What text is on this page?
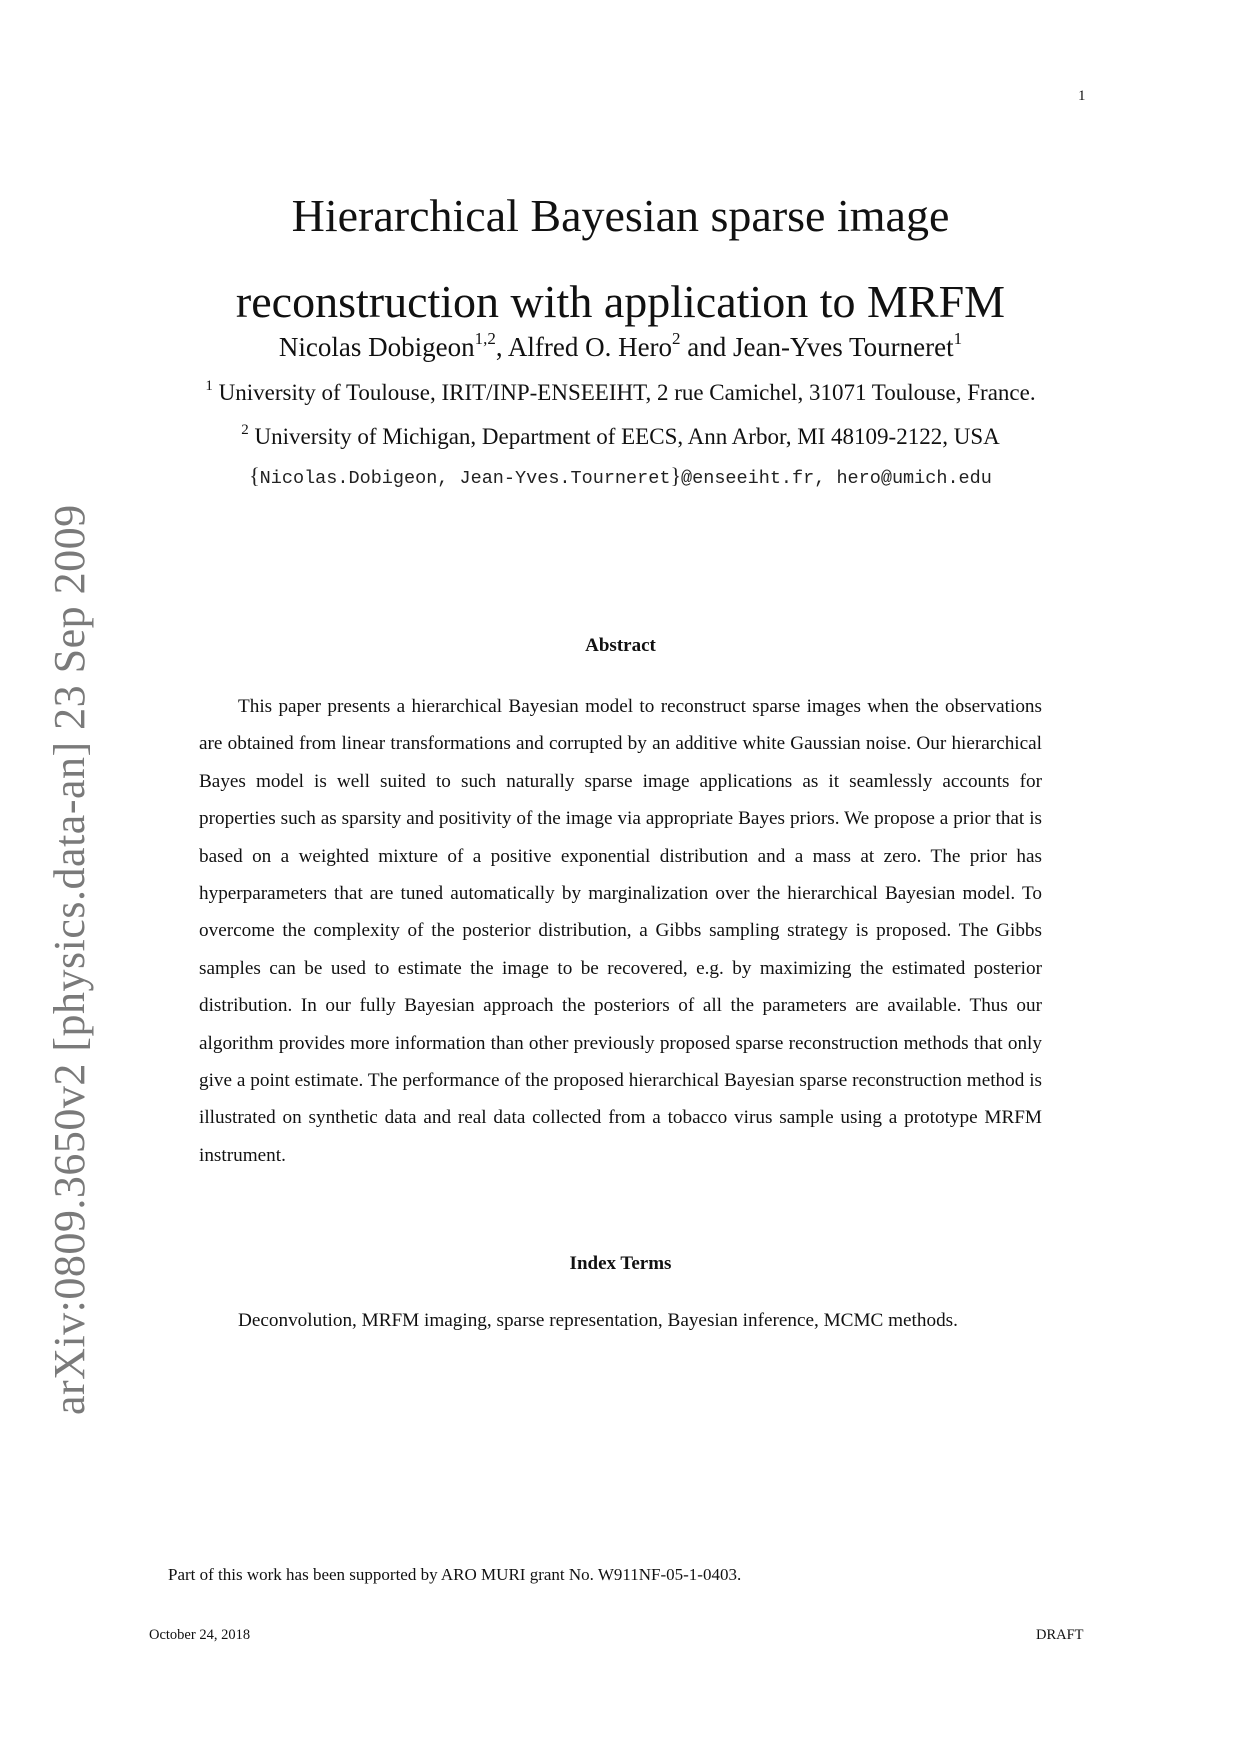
1
Hierarchical Bayesian sparse image
reconstruction with application to MRFM
Nicolas Dobigeon$^{1,2}$, Alfred O. Hero$^2$ and Jean-Yves Tourneret$^1$
$^1$ University of Toulouse, IRIT/INP-ENSEEIHT, 2 rue Camichel, 31071 Toulouse, France.
$^2$ University of Michigan, Department of EECS, Ann Arbor, MI 48109-2122, USA
{Nicolas.Dobigeon, Jean-Yves.Tourneret}@enseeiht.fr, hero@umich.edu
arXiv:0809.3650v2 [physics.data-an] 23 Sep 2009	Abstract

This paper presents a hierarchical Bayesian model to reconstruct sparse images when the observations are obtained from linear transformations and corrupted by an additive white Gaussian noise. Our hierarchical Bayes model is well suited to such naturally sparse image applications as it seamlessly accounts for properties such as sparsity and positivity of the image via appropriate Bayes priors. We propose a prior that is based on a weighted mixture of a positive exponential distribution and a mass at zero. The prior has hyperparameters that are tuned automatically by marginalization over the hierarchical Bayesian model. To overcome the complexity of the posterior distribution, a Gibbs sampling strategy is proposed. The Gibbs samples can be used to estimate the image to be recovered, e.g. by maximizing the estimated posterior distribution. In our fully Bayesian approach the posteriors of all the parameters are available. Thus our algorithm provides more information than other previously proposed sparse reconstruction methods that only give a point estimate. The performance of the proposed hierarchical Bayesian sparse reconstruction method is illustrated on synthetic data and real data collected from a tobacco virus sample using a prototype MRFM instrument.

Index Terms

Deconvolution, MRFM imaging, sparse representation, Bayesian inference, MCMC methods.

Part of this work has been supported by ARO MURI grant No. W911NF-05-1-0403.
October 24, 2018	DRAFT
